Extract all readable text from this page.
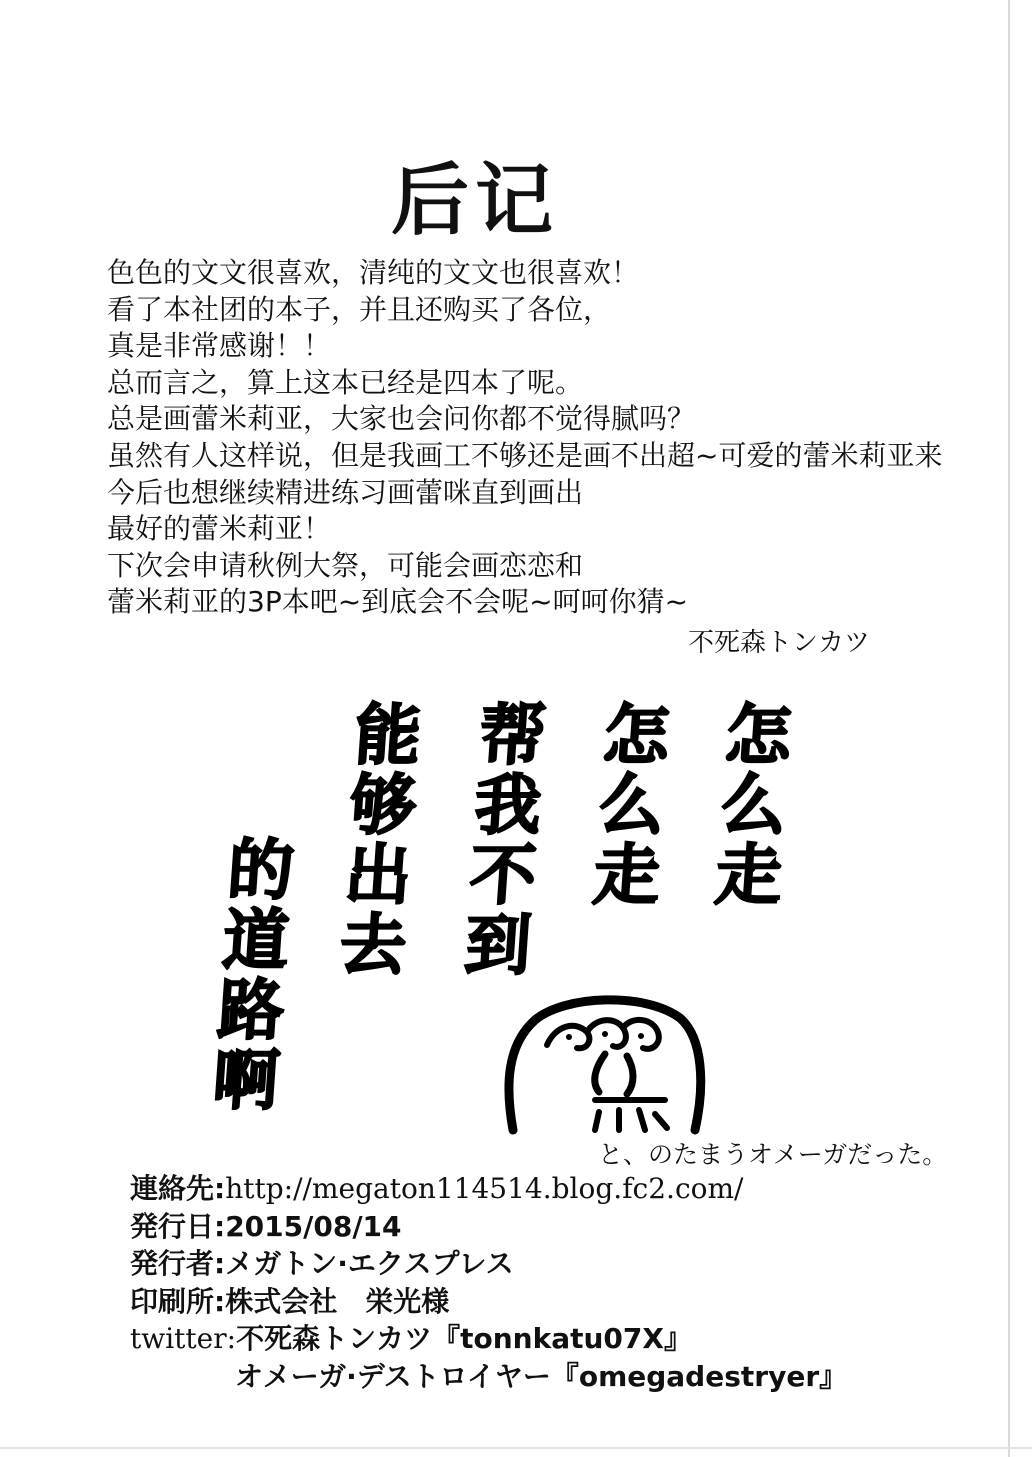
后记
色色的文文很喜欢，清纯的文文也很喜欢！
看了本社团的本子，并且还购买了各位，
真是非常感谢！！
总而言之，算上这本已经是四本了呢。
总是画蕾米莉亚，大家也会问你都不觉得腻吗？
虽然有人这样说，但是我画工不够还是画不出超~可爱的蕾米莉亚来
今后也想继续精进练习画蕾咪直到画出
最好的蕾米莉亚！
下次会申请秋例大祭，可能会画恋恋和
蕾米莉亚的3P本吧~到底会不会呢~呵呵你猜~
不死森トンカツ
怎么走
怎么走
帮我不到
能够出去
的道路啊
と、のたまうオメーガだった。
連絡先:http://megaton114514.blog.fc2.com/
発行日:2015/08/14
発行者:メガトン·エクスプレス
印刷所:株式会社　栄光様
twitter:不死森トンカツ『tonnkatu07X』
オメーガ·デストロイヤー『omegadestryer』
